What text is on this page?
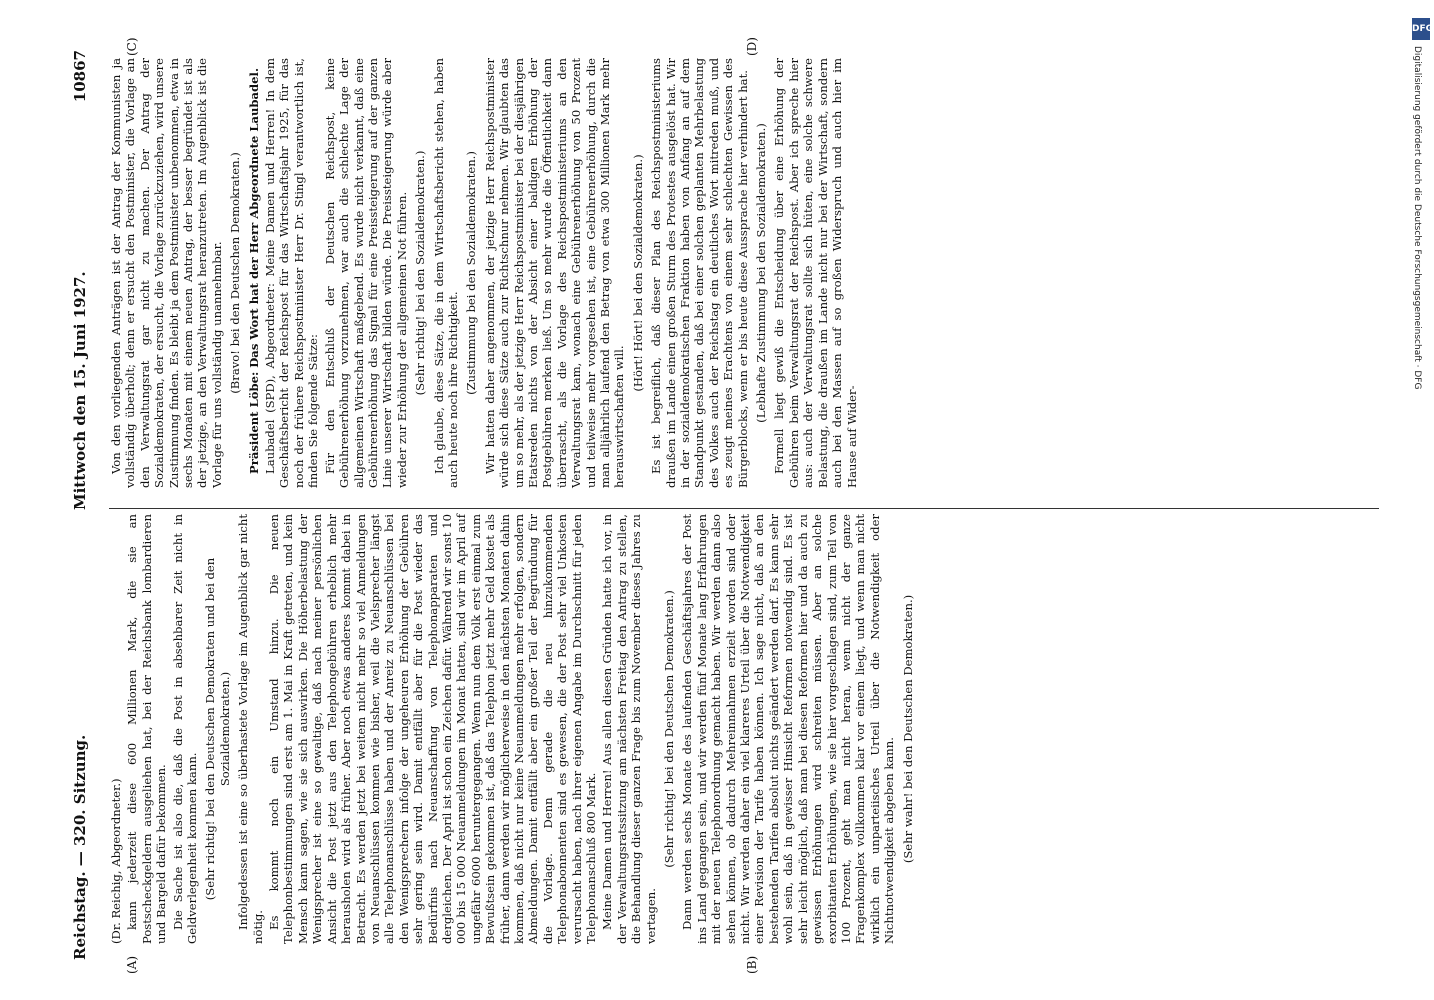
Reichstag. — 320. Sitzung.
Mittwoch den 15. Juni 1927.
10867
(A)	(B)
(C)	(D)

(Dr. Reichig, Abgeordneter.) kann jederzeit diese 600 Millionen Mark, die sie an Postscheckgeldern ausgeliehen hat, bei der Reichsbank lombardieren und Bargeld dafür bekommen. Die Sache ist also die, daß die Post in absehbarer Zeit nicht in Geldverlegenheit kommen kann. (Sehr richtig! bei den Deutschen Demokraten und bei den Sozialdemokraten.) Infolgedessen ist eine so überhastete Vorlage im Augenblick gar nicht nötig. Es kommt noch ein Umstand hinzu. Die neuen Telephonbestimmungen sind erst am 1. Mai in Kraft getreten, und kein Mensch kann sagen, wie sie sich auswirken. Die Höherbelastung der Wenigsprecher ist eine so gewaltige, daß nach meiner persönlichen Ansicht die Post jetzt aus den Telephongebühren erheblich mehr herausholen wird als früher. Aber noch etwas anderes kommt dabei in Betracht. Es werden jetzt bei weitem nicht mehr so viel Anmeldungen von Neuanschlüssen kommen wie bisher, weil die Vielsprecher längst alle Telephonanschlüsse haben und der Anreiz zu Neuanschlüssen bei den Wenigsprechern infolge der ungeheuren Erhöhung der Gebühren sehr gering sein wird. Damit entfällt aber für die Post wieder das Bedürfnis nach Neuanschaffung von Telephonapparaten und dergleichen. Der April ist schon ein Zeichen dafür. Während wir sonst 10 000 bis 15 000 Neuanmeldungen im Monat hatten, sind wir im April auf ungefähr 6000 heruntergegangen. Wenn nun dem Volk erst einmal zum Bewußtsein gekommen ist, daß das Telephon jetzt mehr Geld kostet als früher, dann werden wir möglicherweise in den nächsten Monaten dahin kommen, daß nicht nur keine Neuanmeldungen mehr erfolgen, sondern Abmeldungen. Damit entfällt aber ein großer Teil der Begründung für die Vorlage. Denn gerade die neu hinzukommenden Telephonabonnenten sind es gewesen, die der Post sehr viel Unkosten verursacht haben, nach ihrer eigenen Angabe im Durchschnitt für jeden Telephonanschluß 800 Mark. Meine Damen und Herren! Aus allen diesen Gründen hatte ich vor, in der Verwaltungsratssitzung am nächsten Freitag den Antrag zu stellen, die Behandlung dieser ganzen Frage bis zum November dieses Jahres zu vertagen.

(Sehr richtig! bei den Deutschen Demokraten.) Dann werden sechs Monate des laufenden Geschäftsjahres der Post ins Land gegangen sein, und wir werden fünf Monate lang Erfahrungen mit der neuen Telephonordnung gemacht haben. Wir werden dann also sehen können, ob dadurch Mehreinnahmen erzielt worden sind oder nicht. Wir werden daher ein viel klareres Urteil über die Notwendigkeit einer Revision der Tarife haben können. Ich sage nicht, daß an den bestehenden Tarifen absolut nichts geändert werden darf. Es kann sehr wohl sein, daß in gewisser Hinsicht Reformen notwendig sind. Es ist sehr leicht möglich, daß man bei diesen Reformen hier und da auch zu gewissen Erhöhungen wird schreiten müssen. Aber an solche exorbitanten Erhöhungen, wie sie hier vorgeschlagen sind, zum Teil von 100 Prozent, geht man nicht heran, wenn nicht der ganze Fragenkomplex vollkommen klar vor einem liegt, und wenn man nicht wirklich ein unparteiisches Urteil über die Notwendigkeit oder Nichtnotwendigkeit abgeben kann. (Sehr wahr! bei den Deutschen Demokraten.)

Von den vorliegenden Anträgen ist der Antrag der Kommunisten ja vollständig überholt; denn er ersucht den Postminister, die Vorlage an den Verwaltungsrat gar nicht zu machen. Der Antrag der Sozialdemokraten, der ersucht, die Vorlage zurückzuziehen, wird unsere Zustimmung finden. Es bleibt ja dem Postminister unbenommen, etwa in sechs Monaten mit einem neuen Antrag, der besser begründet ist als der jetzige, an den Verwaltungsrat heranzutreten. Im Augenblick ist die Vorlage für uns vollständig unannehmbar. (Bravo! bei den Deutschen Demokraten.) Präsident Löbe: Das Wort hat der Herr Abgeordnete Laubadel. Laubadel (SPD), Abgeordneter: Meine Damen und Herren! In dem Geschäftsbericht der Reichspost für das Wirtschaftsjahr 1925, für das noch der frühere Reichspostminister Herr Dr. Stingl verantwortlich ist, finden Sie folgende Sätze: Für den Entschluß der Deutschen Reichspost, keine Gebührenerhöhung vorzunehmen, war auch die schlechte Lage der allgemeinen Wirtschaft maßgebend. Es wurde nicht verkannt, daß eine Gebührenerhöhung das Signal für eine Preissteigerung auf der ganzen Linie unserer Wirtschaft bilden würde. Die Preissteigerung würde aber wieder zur Erhöhung der allgemeinen Not führen. (Sehr richtig! bei den Sozialdemokraten.) Ich glaube, diese Sätze, die in dem Wirtschaftsbericht stehen, haben auch heute noch ihre Richtigkeit. (Zustimmung bei den Sozialdemokraten.) Wir hatten daher angenommen, der jetzige Herr Reichspostminister würde sich diese Sätze auch zur Richtschnur nehmen. Wir glaubten das um so mehr, als der jetzige Herr Reichspostminister bei der diesjährigen Etatsreden nichts von der Absicht einer baldigen Erhöhung der Postgebühren merken ließ. Um so mehr wurde die Öffentlichkeit dann überrascht, als die Vorlage des Reichspostministeriums an den Verwaltungsrat kam, wonach eine Gebührenerhöhung von 50 Prozent und teilweise mehr vorgesehen ist, eine Gebührenerhöhung, durch die man alljährlich laufend den Betrag von etwa 300 Millionen Mark mehr herauswirtschaften will.

(Hört! Hört! bei den Sozialdemokraten.) Es ist begreiflich, daß dieser Plan des Reichspostministeriums draußen im Lande einen großen Sturm des Protestes ausgelöst hat. Wir in der sozialdemokratischen Fraktion haben von Anfang an auf dem Standpunkt gestanden, daß bei einer solchen geplanten Mehrbelastung des Volkes auch der Reichstag ein deutliches Wort mitreden muß, und es zeugt meines Erachtens von einem sehr schlechten Gewissen des Bürgerblocks, wenn er bis heute diese Aussprache hier verhindert hat. (Lebhafte Zustimmung bei den Sozialdemokraten.) Formell liegt gewiß die Entscheidung über eine Erhöhung der Gebühren beim Verwaltungsrat der Reichspost. Aber ich spreche hier aus: auch der Verwaltungsrat sollte sich hüten, eine solche schwere Belastung, die draußen im Lande nicht nur bei der Wirtschaft, sondern auch bei den Massen auf so großen Widerspruch und auch hier im Hause auf Wider-

DFG
Digitalisierung gefördert durch die Deutsche Forschungsgemeinschaft · DFG
